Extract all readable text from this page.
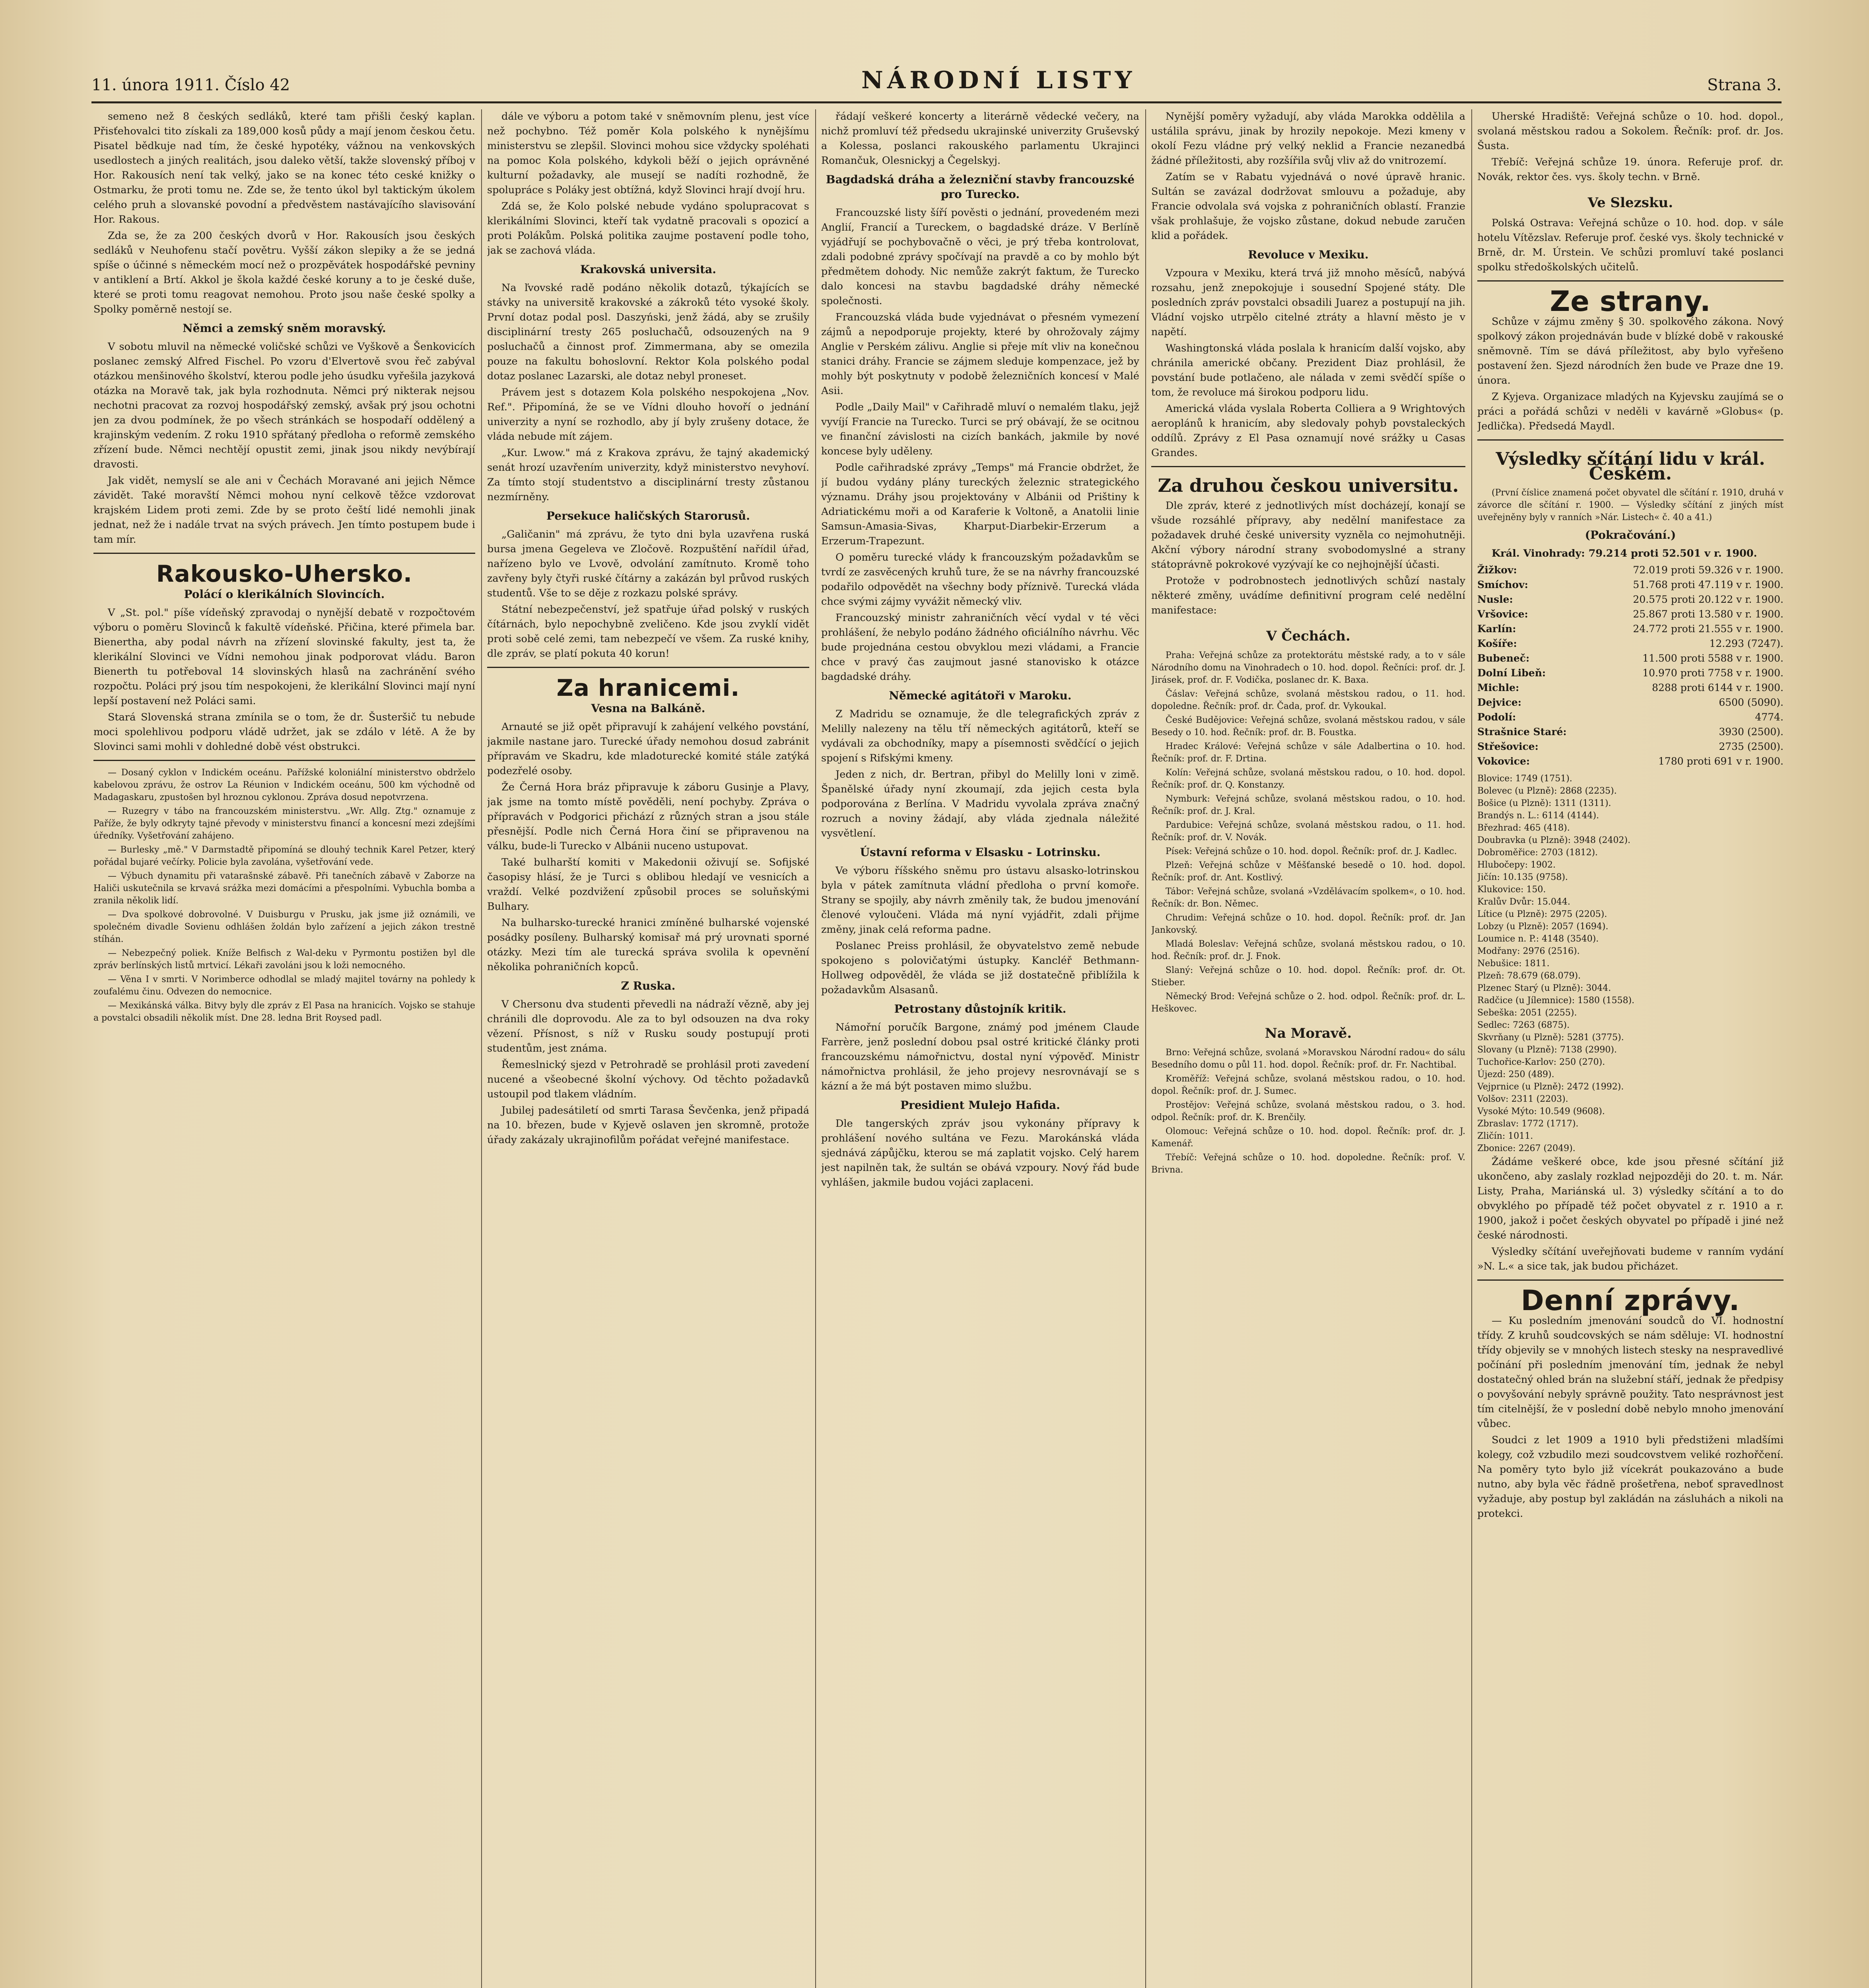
11. února 1911. Číslo 42	NÁRODNÍ LISTY	Strana 3.

semeno než 8 českých sedláků, které tam přišli český kaplan. Přisťehovalci tito získali za 189,000 kosů půdy a mají jenom českou četu. Pisatel bědkuje nad tím, že české hypotéky, vážnou na venkovských usedlostech a jiných realitách, jsou daleko větší, takže slovenský příboj v Hor. Rakousích není tak velký, jako se na konec této ceské knižky o Ostmarku, že proti tomu ne. Zde se, že tento úkol byl taktickým úkolem celého pruh a slovanské povodní a předvěstem nastávajícího slavisování Hor. Rakous.

Zda se, že za 200 českých dvorů v Hor. Rakousích jsou českých sedláků v Neuhofenu stačí povětru. Vyšší zákon slepiky a že se jedná spíše o účinné s německém mocí než o prozpěvátek hospodářské pevniny v antiklení a Brtí. Akkol je škola každé české koruny a to je české duše, které se proti tomu reagovat nemohou. Proto jsou naše české spolky a Spolky poměrně nestojí se.

Němci a zemský sněm moravský.

V sobotu mluvil na německé voličské schůzi ve Vyškově a Šenkovicích poslanec zemský Alfred Fischel. Po vzoru d'Elvertově svou řeč zabýval otázkou menšinového školství, kterou podle jeho úsudku vyřešila jazyková otázka na Moravě tak, jak byla rozhodnuta. Němci prý nikterak nejsou nechotni pracovat za rozvoj hospodářský zemský, avšak prý jsou ochotni jen za dvou podmínek, že po všech stránkách se hospodaří oddělený a krajinským vedením. Z roku 1910 spřátaný předloha o reformě zemského zřízení bude. Němci nechtějí opustit zemi, jinak jsou nikdy nevýbírají dravosti.

Jak vidět, nemyslí se ale ani v Čechách Moravané ani jejich Němce závidět. Také moravští Němci mohou nyní celkově těžce vzdorovat krajském Lidem proti zemi. Zde by se proto čeští lidé nemohli jinak jednat, než že i nadále trvat na svých právech. Jen tímto postupem bude i tam mír.

Rakousko-Uhersko.
Polácí o klerikálních Slovincích.

V „St. pol." píše vídeňský zpravodaj o nynější debatě v rozpočtovém výboru o poměru Slovinců k fakultě vídeňské. Přičina, které přimela bar. Bienertha, aby podal návrh na zřízení slovinské fakulty, jest ta, že klerikální Slovinci ve Vídni nemohou jinak podporovat vládu. Baron Bienerth tu potřeboval 14 slovinských hlasů na zachránění svého rozpočtu. Poláci prý jsou tím nespokojeni, že klerikální Slovinci mají nyní lepší postavení než Poláci sami.

Stará Slovenská strana zmínila se o tom, že dr. Šusteršič tu nebude moci spolehlivou podporu vládě udržet, jak se zdálo v létě. A že by Slovinci sami mohli v dohledné době vést obstrukci.

— Dosaný cyklon v Indickém oceánu. Pařížské koloniální ministerstvo obdrželo kabelovou zprávu, že ostrov La Réunion v Indickém oceánu, 500 km východně od Madagaskaru, zpustošen byl hroznou cyklonou. Zpráva dosud nepotvrzena.

— Ruzegry v tábo na francouzském ministerstvu. „Wr. Allg. Ztg." oznamuje z Paříže, že byly odkryty tajné převody v ministerstvu financí a koncesní mezi zdejšími úředníky. Vyšetřování zahájeno.

— Burlesky „mě." V Darmstadtě připomíná se dlouhý technik Karel Petzer, který pořádal bujaré večírky. Policie byla zavolána, vyšetřování vede.

— Výbuch dynamitu při vatarašnské zábavě. Při tanečních zábavě v Zaborze na Haliči uskutečnila se krvavá srážka mezi domácími a přespolními. Vybuchla bomba a zranila několik lidí.

— Dva spolkové dobrovolné. V Duisburgu v Prusku, jak jsme již oznámili, ve společném divadle Sovienu odhlášen žoldán bylo zařízení a jejich zákon trestně stíhán.

— Nebezpečný poliek. Kníže Belfisch z Wal-deku v Pyrmontu postižen byl dle zpráv berlínských listů mrtvicí. Lékaři zavoláni jsou k loži nemocného.

— Věna I v smrti. V Norimberce odhodlal se mladý majitel továrny na pohledy k zoufalému činu. Odvezen do nemocnice.

— Mexikánská válka. Bitvy byly dle zpráv z El Pasa na hranicích. Vojsko se stahuje a povstalci obsadili několik míst. Dne 28. ledna Brit Roysed padl.

dále ve výboru a potom také v sněmovním plenu, jest více než pochybno. Též poměr Kola polského k nynějšímu ministerstvu se zlepšil. Slovinci mohou sice vždycky spoléhati na pomoc Kola polského, kdykoli běží o jejich oprávněné kulturní požadavky, ale musejí se nadíti rozhodně, že spolupráce s Poláky jest obtížná, když Slovinci hrají dvojí hru.

Zdá se, že Kolo polské nebude vydáno spolupracovat s klerikálními Slovinci, kteří tak vydatně pracovali s opozicí a proti Polákům. Polská politika zaujme postavení podle toho, jak se zachová vláda.

Krakovská universita.

Na ľvovské radě podáno několik dotazů, týkajících se stávky na universitě krakovské a zákroků této vysoké školy. První dotaz podal posl. Daszyński, jenž žádá, aby se zrušily disciplinární tresty 265 posluchačů, odsouzených na 9 posluchačů a činnost prof. Zimmermana, aby se omezila pouze na fakultu bohoslovní. Rektor Kola polského podal dotaz poslanec Lazarski, ale dotaz nebyl proneset.

Právem jest s dotazem Kola polského nespokojena „Nov. Ref.". Připomíná, že se ve Vídni dlouho hovoří o jednání univerzity a nyní se rozhodlo, aby jí byly zrušeny dotace, že vláda nebude mít zájem.

„Kur. Lwow." má z Krakova zprávu, že tajný akademický senát hrozí uzavřením univerzity, když ministerstvo nevyhoví. Za tímto stojí studentstvo a disciplinární tresty zůstanou nezmírněny.

Persekuce haličských Starorusů.

„Galičanin" má zprávu, že tyto dni byla uzavřena ruská bursa jmena Gegeleva ve Zločově. Rozpuštění nařídil úřad, nařízeno bylo ve Lvově, odvolání zamítnuto. Kromě toho zavřeny byly čtyři ruské čítárny a zakázán byl průvod ruských studentů. Vše to se děje z rozkazu polské správy.

Státní nebezpečenství, jež spatřuje úřad polský v ruských čítárnách, bylo nepochybně zveličeno. Kde jsou zvyklí vidět proti sobě celé zemi, tam nebezpečí ve všem. Za ruské knihy, dle zpráv, se platí pokuta 40 korun!

Za hranicemi.
Vesna na Balkáně.

Arnauté se již opět připravují k zahájení velkého povstání, jakmile nastane jaro. Turecké úřady nemohou dosud zabránit přípravám ve Skadru, kde mladoturecké komité stále zatýká podezřelé osoby.

Že Černá Hora bráz připravuje k záboru Gusinje a Plavy, jak jsme na tomto místě pověděli, není pochyby. Zpráva o přípravách v Podgorici přichází z různých stran a jsou stále přesnější. Podle nich Černá Hora činí se připravenou na válku, bude-li Turecko v Albánii nuceno ustupovat.

Také bulharští komiti v Makedonii oživují se. Sofijské časopisy hlásí, že je Turci s oblibou hledají ve vesnicích a vraždí. Velké pozdvižení způsobil proces se soluňskými Bulhary.

Na bulharsko-turecké hranici zmíněné bulharské vojenské posádky posíleny. Bulharský komisař má prý urovnati sporné otázky. Mezi tím ale turecká správa svolila k opevnění několika pohraničních kopců.

Z Ruska.

V Chersonu dva studenti převedli na nádraží vězně, aby jej chránili dle doprovodu. Ale za to byl odsouzen na dva roky vězení. Přísnost, s níž v Rusku soudy postupují proti studentům, jest známa.

Řemeslnický sjezd v Petrohradě se prohlásil proti zavedení nucené a všeobecné školní výchovy. Od těchto požadavků ustoupil pod tlakem vládním.

Jubilej padesátiletí od smrti Tarasa Ševčenka, jenž připadá na 10. březen, bude v Kyjevě oslaven jen skromně, protože úřady zakázaly ukrajinofilům pořádat veřejné manifestace.

řádají veškeré koncerty a literárně vědecké večery, na nichž promluví též předsedu ukrajinské univerzity Gruševský a Kolessa, poslanci rakouského parlamentu Ukrajinci Romančuk, Olesnickyj a Čegelskyj.

Bagdadská dráha a železniční stavby francouzské pro Turecko.

Francouzské listy šíří pověsti o jednání, provedeném mezi Anglií, Francií a Tureckem, o bagdadské dráze. V Berlíně vyjádřují se pochybovačně o věci, je prý třeba kontrolovat, zdali podobné zprávy spočívají na pravdě a co by mohlo být předmětem dohody. Nic nemůže zakrýt faktum, že Turecko dalo koncesi na stavbu bagdadské dráhy německé společnosti.

Francouzská vláda bude vyjednávat o přesném vymezení zájmů a nepodporuje projekty, které by ohrožovaly zájmy Anglie v Perském zálivu. Anglie si přeje mít vliv na konečnou stanici dráhy. Francie se zájmem sleduje kompenzace, jež by mohly být poskytnuty v podobě železničních koncesí v Malé Asii.

Podle „Daily Mail" v Cařihradě mluví o nemalém tlaku, jejž vyvíjí Francie na Turecko. Turci se prý obávají, že se ocitnou ve finanční závislosti na cizích bankách, jakmile by nové koncese byly uděleny.

Podle cařihradské zprávy „Temps" má Francie obdržet, že jí budou vydány plány tureckých železnic strategického významu. Dráhy jsou projektovány v Albánii od Prištiny k Adriatickému moři a od Karaferie k Voltoně, a Anatolii linie Samsun-Amasia-Sivas, Kharput-Diarbekir-Erzerum a Erzerum-Trapezunt.

O poměru turecké vlády k francouzským požadavkům se tvrdí ze zasvěcených kruhů ture, že se na návrhy francouzské podařilo odpovědět na všechny body příznivě. Turecká vláda chce svými zájmy vyvážit německý vliv.

Francouzský ministr zahraničních věcí vydal v té věci prohlášení, že nebylo podáno žádného oficiálního návrhu. Věc bude projednána cestou obvyklou mezi vládami, a Francie chce v pravý čas zaujmout jasné stanovisko k otázce bagdadské dráhy.

Německé agitátoři v Maroku.

Z Madridu se oznamuje, že dle telegrafických zpráv z Melilly nalezeny na tělu tří německých agitátorů, kteří se vydávali za obchodníky, mapy a písemnosti svědčící o jejich spojení s Rifskými kmeny.

Jeden z nich, dr. Bertran, přibyl do Melilly loni v zimě. Španělské úřady nyní zkoumají, zda jejich cesta byla podporována z Berlína. V Madridu vyvolala zpráva značný rozruch a noviny žádají, aby vláda zjednala náležité vysvětlení.

Ústavní reforma v Elsasku - Lotrinsku.

Ve výboru říšského sněmu pro ústavu alsasko-lotrinskou byla v pátek zamítnuta vládní předloha o první komoře. Strany se spojily, aby návrh změnily tak, že budou jmenování členové vyloučeni. Vláda má nyní vyjádřit, zdali přijme změny, jinak celá reforma padne.

Poslanec Preiss prohlásil, že obyvatelstvo země nebude spokojeno s polovičatými ústupky. Kancléř Bethmann-Hollweg odpověděl, že vláda se již dostatečně přiblížila k požadavkům Alsasanů.

Petrostany důstojník kritik.

Námořní poručík Bargone, známý pod jménem Claude Farrère, jenž poslední dobou psal ostré kritické články proti francouzskému námořnictvu, dostal nyní výpověď. Ministr námořnictva prohlásil, že jeho projevy nesrovnávají se s kázní a že má být postaven mimo službu.

Presidient Mulejo Hafida.

Dle tangerských zpráv jsou vykonány přípravy k prohlášení nového sultána ve Fezu. Marokánská vláda sjednává zápůjčku, kterou se má zaplatit vojsko. Celý harem jest napilněn tak, že sultán se obává vzpoury. Nový řád bude vyhlášen, jakmile budou vojáci zaplaceni.

Nynější poměry vyžadují, aby vláda Marokka oddělila a ustálila správu, jinak by hrozily nepokoje. Mezi kmeny v okolí Fezu vládne prý velký neklid a Francie nezanedbá žádné příležitosti, aby rozšířila svůj vliv až do vnitrozemí.

Zatím se v Rabatu vyjednává o nové úpravě hranic. Sultán se zavázal dodržovat smlouvu a požaduje, aby Francie odvolala svá vojska z pohraničních oblastí. Franzie však prohlašuje, že vojsko zůstane, dokud nebude zaručen klid a pořádek.

Revoluce v Mexiku.

Vzpoura v Mexiku, která trvá již mnoho měsíců, nabývá rozsahu, jenž znepokojuje i sousední Spojené státy. Dle posledních zpráv povstalci obsadili Juarez a postupují na jih. Vládní vojsko utrpělo citelné ztráty a hlavní město je v napětí.

Washingtonská vláda poslala k hranicím další vojsko, aby chránila americké občany. Prezident Diaz prohlásil, že povstání bude potlačeno, ale nálada v zemi svědčí spíše o tom, že revoluce má širokou podporu lidu.

Americká vláda vyslala Roberta Colliera a 9 Wrightových aeroplánů k hranicím, aby sledovaly pohyb povstaleckých oddílů. Zprávy z El Pasa oznamují nové srážky u Casas Grandes.

Za druhou českou universitu.

Dle zpráv, které z jednotlivých míst docházejí, konají se všude rozsáhlé přípravy, aby nedělní manifestace za požadavek druhé české university vyzněla co nejmohutněji. Akční výbory národní strany svobodomyslné a strany státoprávně pokrokové vyzývají ke co nejhojnější účasti.

Protože v podrobnostech jednotlivých schůzí nastaly některé změny, uvádíme definitivní program celé nedělní manifestace:

V Čechách.

Praha: Veřejná schůze za protektorátu městské rady, a to v sále Národního domu na Vinohradech o 10. hod. dopol. Řečníci: prof. dr. J. Jirásek, prof. dr. F. Vodička, poslanec dr. K. Baxa.

Čáslav: Veřejná schůze, svolaná městskou radou, o 11. hod. dopoledne. Řečník: prof. dr. Čada, prof. dr. Vykoukal.

České Budějovice: Veřejná schůze, svolaná městskou radou, v sále Besedy o 10. hod. Řečník: prof. dr. B. Foustka.

Hradec Králové: Veřejná schůze v sále Adalbertina o 10. hod. Řečník: prof. dr. F. Drtina.

Kolín: Veřejná schůze, svolaná městskou radou, o 10. hod. dopol. Řečník: prof. dr. Q. Konstanzy.

Nymburk: Veřejná schůze, svolaná městskou radou, o 10. hod. Řečník: prof. dr. J. Kral.

Pardubice: Veřejná schůze, svolaná městskou radou, o 11. hod. Řečník: prof. dr. V. Novák.

Písek: Veřejná schůze o 10. hod. dopol. Řečník: prof. dr. J. Kadlec.

Plzeň: Veřejná schůze v Měšťanské besedě o 10. hod. dopol. Řečník: prof. dr. Ant. Kostlivý.

Tábor: Veřejná schůze, svolaná »Vzdělávacím spolkem«, o 10. hod. Řečník: dr. Bon. Němec.

Chrudim: Veřejná schůze o 10. hod. dopol. Řečník: prof. dr. Jan Jankovský.

Mladá Boleslav: Veřejná schůze, svolaná městskou radou, o 10. hod. Řečník: prof. dr. J. Fnok.

Slaný: Veřejná schůze o 10. hod. dopol. Řečník: prof. dr. Ot. Stieber.

Německý Brod: Veřejná schůze o 2. hod. odpol. Řečník: prof. dr. L. Heškovec.

Na Moravě.

Brno: Veřejná schůze, svolaná »Moravskou Národní radou« do sálu Besedního domu o půl 11. hod. dopol. Řečník: prof. dr. Fr. Nachtibal.

Kroměříž: Veřejná schůze, svolaná městskou radou, o 10. hod. dopol. Řečník: prof. dr. J. Sumec.

Prostějov: Veřejná schůze, svolaná městskou radou, o 3. hod. odpol. Řečník: prof. dr. K. Brenčily.

Olomouc: Veřejná schůze o 10. hod. dopol. Řečník: prof. dr. J. Kamenář.

Třebíč: Veřejná schůze o 10. hod. dopoledne. Řečník: prof. V. Brivna.

Uherské Hradiště: Veřejná schůze o 10. hod. dopol., svolaná městskou radou a Sokolem. Řečník: prof. dr. Jos. Šusta.

Třebíč: Veřejná schůze 19. února. Referuje prof. dr. Novák, rektor čes. vys. školy techn. v Brně.

Ve Slezsku.

Polská Ostrava: Veřejná schůze o 10. hod. dop. v sále hotelu Vítězslav. Referuje prof. české vys. školy technické v Brně, dr. M. Úrstein. Ve schůzi promluví také poslanci spolku středoškolských učitelů.

Ze strany.

Schůze v zájmu změny § 30. spolkového zákona. Nový spolkový zákon projednáván bude v blízké době v rakouské sněmovně. Tím se dává příležitost, aby bylo vyřešeno postavení žen. Sjezd národních žen bude ve Praze dne 19. února.

Z Kyjeva. Organizace mladých na Kyjevsku zaujímá se o práci a pořádá schůzi v neděli v kavárně »Globus« (p. Jedlička). Předsedá Maydl.

Výsledky sčítání lidu v král. Českém.

(První číslice znamená počet obyvatel dle sčítání r. 1910, druhá v závorce dle sčítání r. 1900. — Výsledky sčítání z jiných míst uveřejněny byly v ranních »Nár. Listech« č. 40 a 41.)

(Pokračování.)

Král. Vinohrady: 79.214 proti 52.501 v r. 1900.

Žižkov:	72.019 proti 59.326 v r. 1900.
Smíchov:	51.768 proti 47.119 v r. 1900.
Nusle:	20.575 proti 20.122 v r. 1900.
Vršovice:	25.867 proti 13.580 v r. 1900.
Karlín:	24.772 proti 21.555 v r. 1900.
Košíře:	12.293 (7247).
Bubeneč:	11.500 proti 5588 v r. 1900.
Dolní Libeň:	10.970 proti 7758 v r. 1900.
Michle:	8288 proti 6144 v r. 1900.
Dejvice:	6500 (5090).
Podolí:	4774.
Strašnice Staré:	3930 (2500).
Střešovice:	2735 (2500).
Vokovice:	1780 proti 691 v r. 1900.
Blovice: 1749 (1751).
Bolevec (u Plzně): 2868 (2235).
Bošice (u Plzně): 1311 (1311).
Brandýs n. L.: 6114 (4144).
Březhrad: 465 (418).
Doubravka (u Plzně): 3948 (2402).
Dobroměřice: 2703 (1812).
Hlubočepy: 1902.
Jičín: 10.135 (9758).
Klukovice: 150.
Kralův Dvůr: 15.044.
Lítice (u Plzně): 2975 (2205).
Lobzy (u Plzně): 2057 (1694).
Loumice n. P.: 4148 (3540).
Modřany: 2976 (2516).
Nebušice: 1811.
Plzeň: 78.679 (68.079).
Plzenec Starý (u Plzně): 3044.
Radčice (u Jílemnice): 1580 (1558).
Sebeška: 2051 (2255).
Sedlec: 7263 (6875).
Skvrňany (u Plzně): 5281 (3775).
Slovany (u Plzně): 7138 (2990).
Tuchořice-Karlov: 250 (270).
Újezd: 250 (489).
Vejprnice (u Plzně): 2472 (1992).
Volšov: 2311 (2203).
Vysoké Mýto: 10.549 (9608).
Zbraslav: 1772 (1717).
Zličín: 1011.
Zbonice: 2267 (2049).

Žádáme veškeré obce, kde jsou přesné sčítání již ukončeno, aby zaslaly rozklad nejpozději do 20. t. m. Nár. Listy, Praha, Mariánská ul. 3) výsledky sčítání a to do obvyklého po případě též počet obyvatel z r. 1910 a r. 1900, jakož i počet českých obyvatel po případě i jiné než české národnosti.

Výsledky sčítání uveřejňovati budeme v ranním vydání »N. L.« a sice tak, jak budou přicházet.

Denní zprávy.

— Ku posledním jmenování soudců do VI. hodnostní třídy. Z kruhů soudcovských se nám sděluje: VI. hodnostní třídy objevily se v mnohých listech stesky na nespravedlivé počínání při posledním jmenování tím, jednak že nebyl dostatečný ohled brán na služební stáří, jednak že předpisy o povyšování nebyly správně použity. Tato nesprávnost jest tím citelnější, že v poslední době nebylo mnoho jmenování vůbec.

Soudci z let 1909 a 1910 byli předstiženi mladšími kolegy, což vzbudilo mezi soudcovstvem veliké rozhořčení. Na poměry tyto bylo již vícekrát poukazováno a bude nutno, aby byla věc řádně prošetřena, neboť spravedlnost vyžaduje, aby postup byl zakládán na zásluhách a nikoli na protekci.
